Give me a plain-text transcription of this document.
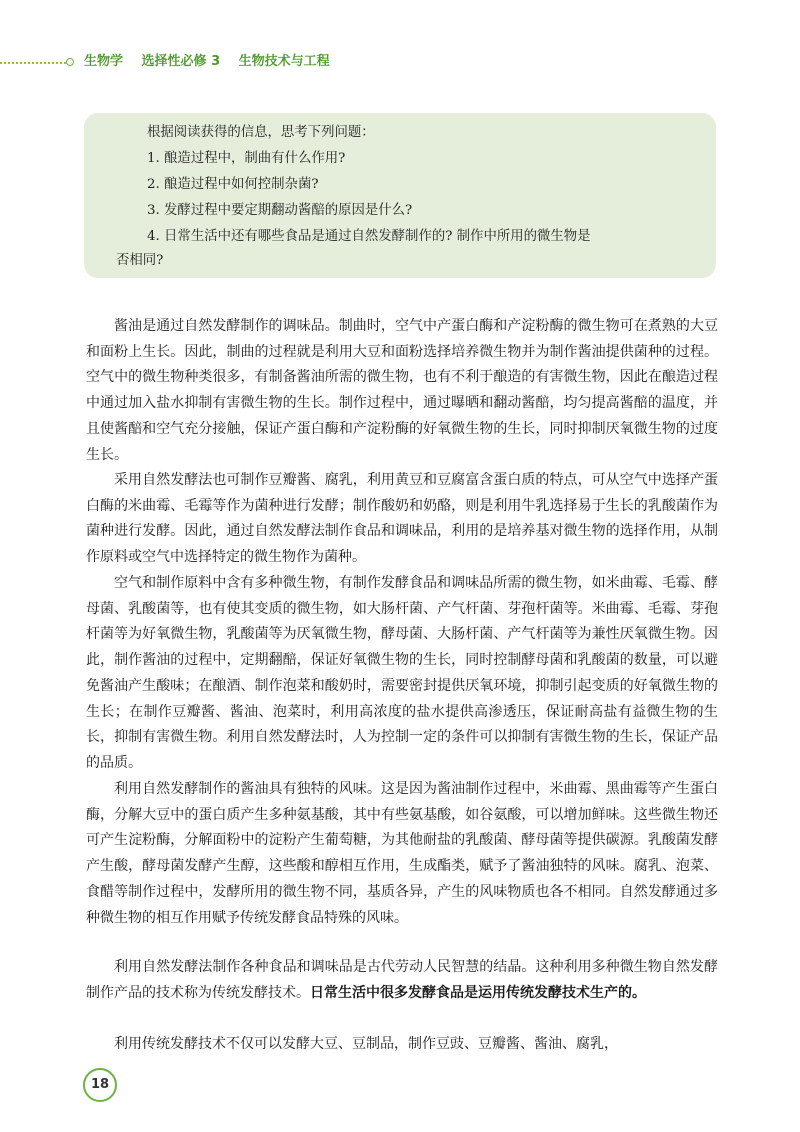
生物学 选择性必修 3 生物技术与工程
根据阅读获得的信息，思考下列问题：
1. 酿造过程中，制曲有什么作用?
2. 酿造过程中如何控制杂菌?
3. 发酵过程中要定期翻动酱醅的原因是什么?
4. 日常生活中还有哪些食品是通过自然发酵制作的? 制作中所用的微生物是
否相同?

酱油是通过自然发酵制作的调味品。制曲时，空气中产蛋白酶和产淀粉酶的微生物可在煮熟的大豆和面粉上生长。因此，制曲的过程就是利用大豆和面粉选择培养微生物并为制作酱油提供菌种的过程。空气中的微生物种类很多，有制备酱油所需的微生物，也有不利于酿造的有害微生物，因此在酿造过程中通过加入盐水抑制有害微生物的生长。制作过程中，通过曝晒和翻动酱醅，均匀提高酱醅的温度，并且使酱醅和空气充分接触，保证产蛋白酶和产淀粉酶的好氧微生物的生长，同时抑制厌氧微生物的过度生长。

采用自然发酵法也可制作豆瓣酱、腐乳，利用黄豆和豆腐富含蛋白质的特点，可从空气中选择产蛋白酶的米曲霉、毛霉等作为菌种进行发酵；制作酸奶和奶酪，则是利用牛乳选择易于生长的乳酸菌作为菌种进行发酵。因此，通过自然发酵法制作食品和调味品，利用的是培养基对微生物的选择作用，从制作原料或空气中选择特定的微生物作为菌种。

空气和制作原料中含有多种微生物，有制作发酵食品和调味品所需的微生物，如米曲霉、毛霉、酵母菌、乳酸菌等，也有使其变质的微生物，如大肠杆菌、产气杆菌、芽孢杆菌等。米曲霉、毛霉、芽孢杆菌等为好氧微生物，乳酸菌等为厌氧微生物，酵母菌、大肠杆菌、产气杆菌等为兼性厌氧微生物。因此，制作酱油的过程中，定期翻醅，保证好氧微生物的生长，同时控制酵母菌和乳酸菌的数量，可以避免酱油产生酸味；在酿酒、制作泡菜和酸奶时，需要密封提供厌氧环境，抑制引起变质的好氧微生物的生长；在制作豆瓣酱、酱油、泡菜时，利用高浓度的盐水提供高渗透压，保证耐高盐有益微生物的生长，抑制有害微生物。利用自然发酵法时，人为控制一定的条件可以抑制有害微生物的生长，保证产品的品质。

利用自然发酵制作的酱油具有独特的风味。这是因为酱油制作过程中，米曲霉、黑曲霉等产生蛋白酶，分解大豆中的蛋白质产生多种氨基酸，其中有些氨基酸，如谷氨酸，可以增加鲜味。这些微生物还可产生淀粉酶，分解面粉中的淀粉产生葡萄糖，为其他耐盐的乳酸菌、酵母菌等提供碳源。乳酸菌发酵产生酸，酵母菌发酵产生醇，这些酸和醇相互作用，生成酯类，赋予了酱油独特的风味。腐乳、泡菜、食醋等制作过程中，发酵所用的微生物不同，基质各异，产生的风味物质也各不相同。自然发酵通过多种微生物的相互作用赋予传统发酵食品特殊的风味。

利用自然发酵法制作各种食品和调味品是古代劳动人民智慧的结晶。这种利用多种微生物自然发酵制作产品的技术称为传统发酵技术。日常生活中很多发酵食品是运用传统发酵技术生产的。

利用传统发酵技术不仅可以发酵大豆、豆制品，制作豆豉、豆瓣酱、酱油、腐乳，

18
